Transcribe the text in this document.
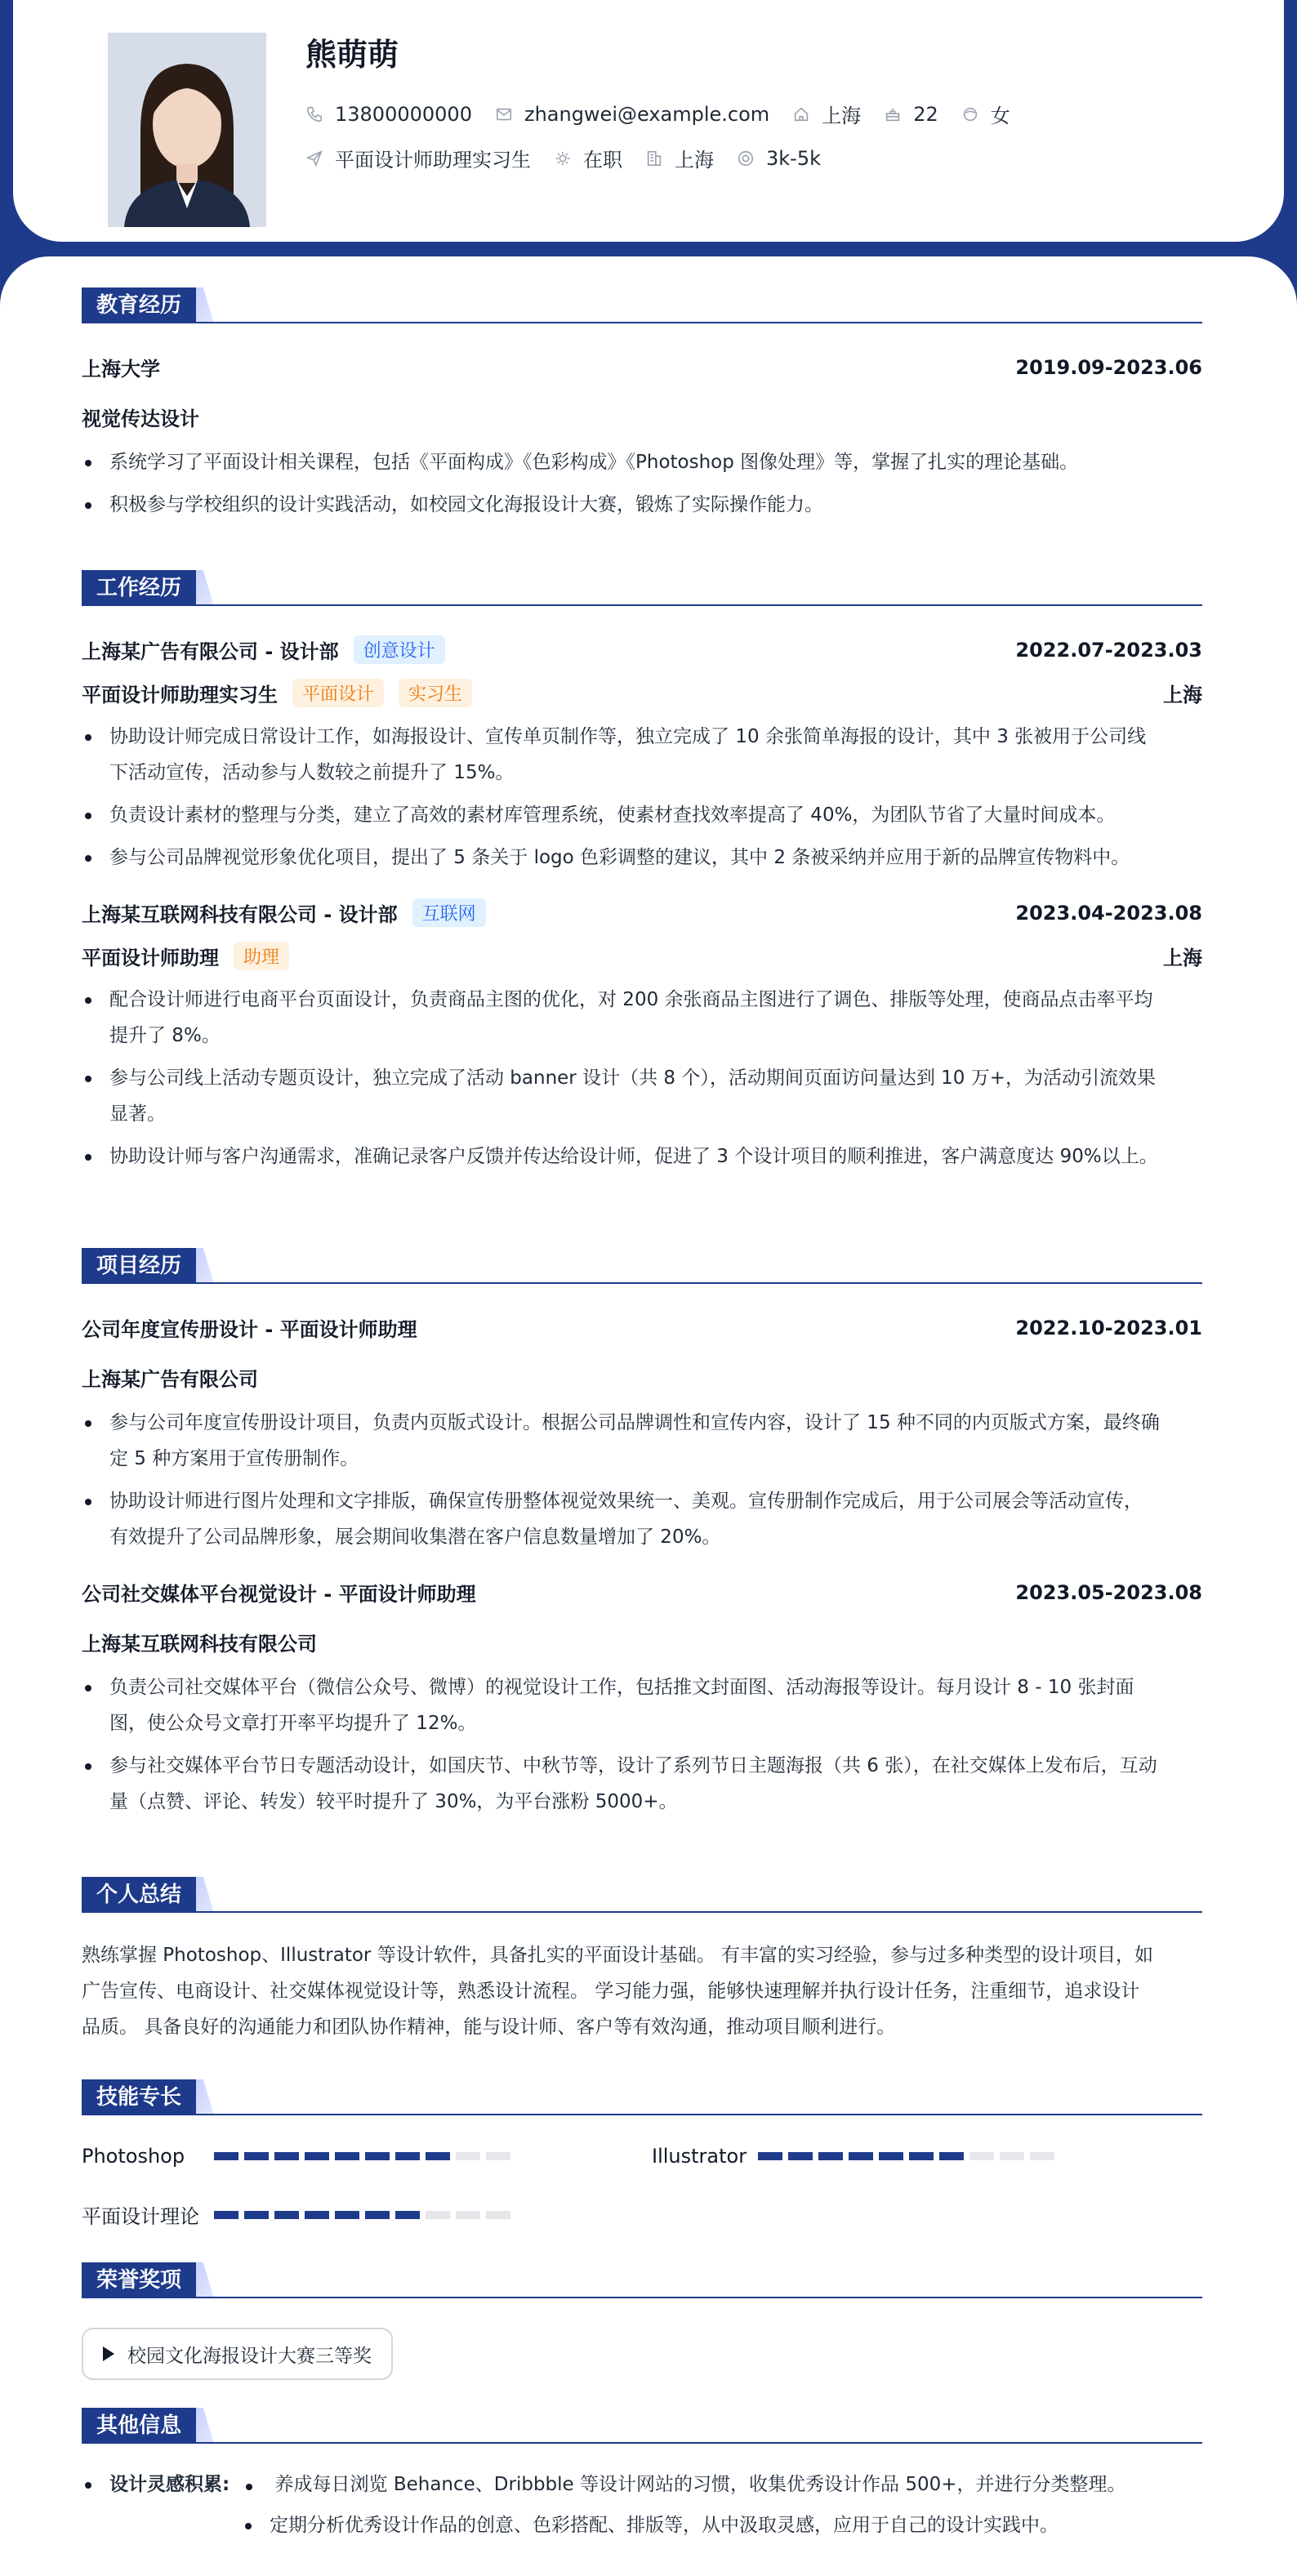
熊萌萌
13800000000	zhangwei@example.com	上海	22	女
平面设计师助理实习生	在职	上海	3k-5k
教育经历
上海大学	2019.09-2023.06
视觉传达设计
系统学习了平面设计相关课程，包括《平面构成》《色彩构成》《Photoshop 图像处理》等，掌握了扎实的理论基础。
积极参与学校组织的设计实践活动，如校园文化海报设计大赛，锻炼了实际操作能力。
工作经历
上海某广告有限公司 - 设计部	创意设计	2022.07-2023.03
平面设计师助理实习生	平面设计	实习生	上海
协助设计师完成日常设计工作，如海报设计、宣传单页制作等，独立完成了 10 余张简单海报的设计，其中 3 张被用于公司线
下活动宣传，活动参与人数较之前提升了 15%。
负责设计素材的整理与分类，建立了高效的素材库管理系统，使素材查找效率提高了 40%，为团队节省了大量时间成本。
参与公司品牌视觉形象优化项目，提出了 5 条关于 logo 色彩调整的建议，其中 2 条被采纳并应用于新的品牌宣传物料中。
上海某互联网科技有限公司 - 设计部	互联网	2023.04-2023.08
平面设计师助理	助理	上海
配合设计师进行电商平台页面设计，负责商品主图的优化，对 200 余张商品主图进行了调色、排版等处理，使商品点击率平均
提升了 8%。
参与公司线上活动专题页设计，独立完成了活动 banner 设计（共 8 个），活动期间页面访问量达到 10 万+，为活动引流效果
显著。
协助设计师与客户沟通需求，准确记录客户反馈并传达给设计师，促进了 3 个设计项目的顺利推进，客户满意度达 90%以上。
项目经历
公司年度宣传册设计 - 平面设计师助理	2022.10-2023.01
上海某广告有限公司
参与公司年度宣传册设计项目，负责内页版式设计。根据公司品牌调性和宣传内容，设计了 15 种不同的内页版式方案，最终确
定 5 种方案用于宣传册制作。
协助设计师进行图片处理和文字排版，确保宣传册整体视觉效果统一、美观。宣传册制作完成后，用于公司展会等活动宣传，
有效提升了公司品牌形象，展会期间收集潜在客户信息数量增加了 20%。
公司社交媒体平台视觉设计 - 平面设计师助理	2023.05-2023.08
上海某互联网科技有限公司
负责公司社交媒体平台（微信公众号、微博）的视觉设计工作，包括推文封面图、活动海报等设计。每月设计 8 - 10 张封面
图，使公众号文章打开率平均提升了 12%。
参与社交媒体平台节日专题活动设计，如国庆节、中秋节等，设计了系列节日主题海报（共 6 张），在社交媒体上发布后，互动
量（点赞、评论、转发）较平时提升了 30%，为平台涨粉 5000+。
个人总结
熟练掌握 Photoshop、Illustrator 等设计软件，具备扎实的平面设计基础。 有丰富的实习经验，参与过多种类型的设计项目，如
广告宣传、电商设计、社交媒体视觉设计等，熟悉设计流程。 学习能力强，能够快速理解并执行设计任务，注重细节，追求设计
品质。 具备良好的沟通能力和团队协作精神，能与设计师、客户等有效沟通，推动项目顺利进行。
技能专长
Photoshop	Illustrator
平面设计理论
荣誉奖项
校园文化海报设计大赛三等奖
其他信息
设计灵感积累: 养成每日浏览 Behance、Dribbble 等设计网站的习惯，收集优秀设计作品 500+，并进行分类整理。
定期分析优秀设计作品的创意、色彩搭配、排版等，从中汲取灵感，应用于自己的设计实践中。
